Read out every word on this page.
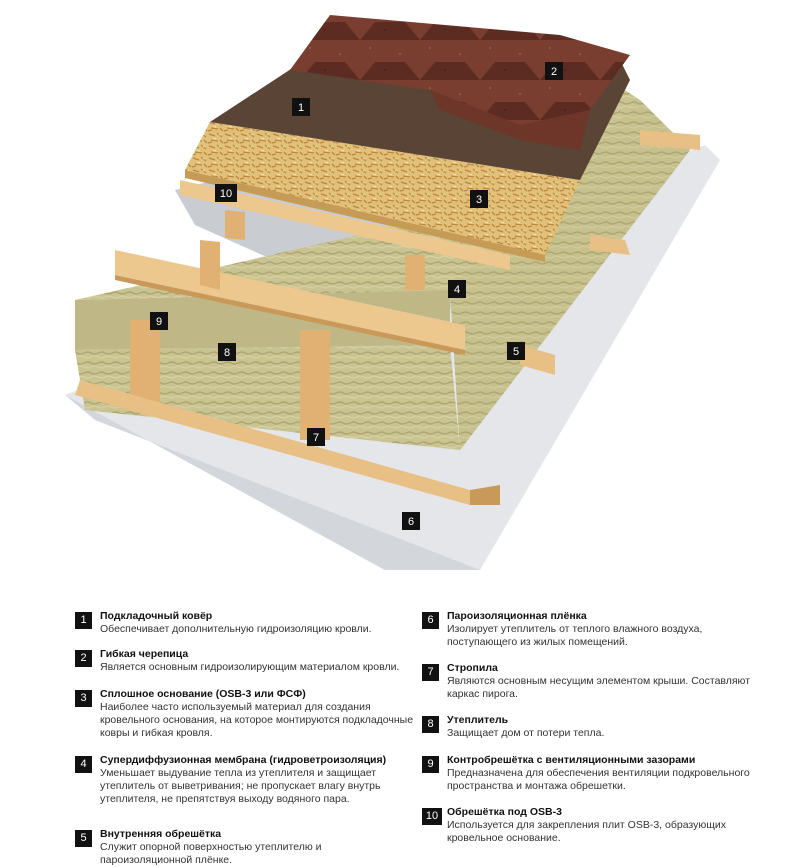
1
2
3
4
5
6
7
8
9
10
1	Подкладочный ковёр
Обеспечивает дополнительную гидроизоляцию кровли.
2	Гибкая черепица
Является основным гидроизолирующим материалом кровли.
3	Сплошное основание (OSB-3 или ФСФ)
Наиболее часто используемый материал для создания кровельного основания, на которое монтируются подкладочные ковры и гибкая кровля.
4	Супердиффузионная мембрана (гидроветроизоляция)
Уменьшает выдувание тепла из утеплителя и защищает утеплитель от выветривания; не пропускает влагу внутрь утеплителя, не препятствуя выходу водяного пара.
5	Внутренняя обрешётка
Служит опорной поверхностью утеплителю и пароизоляционной плёнке.
6	Пароизоляционная плёнка
Изолирует утеплитель от теплого влажного воздуха, поступающего из жилых помещений.
7	Стропила
Являются основным несущим элементом крыши. Составляют каркас пирога.
8	Утеплитель
Защищает дом от потери тепла.
9	Контробрешётка с вентиляционными зазорами
Предназначена для обеспечения вентиляции подкровельного пространства и монтажа обрешетки.
10 Обрешётка под OSB-3
Используется для закрепления плит OSB-3, образующих кровельное основание.
